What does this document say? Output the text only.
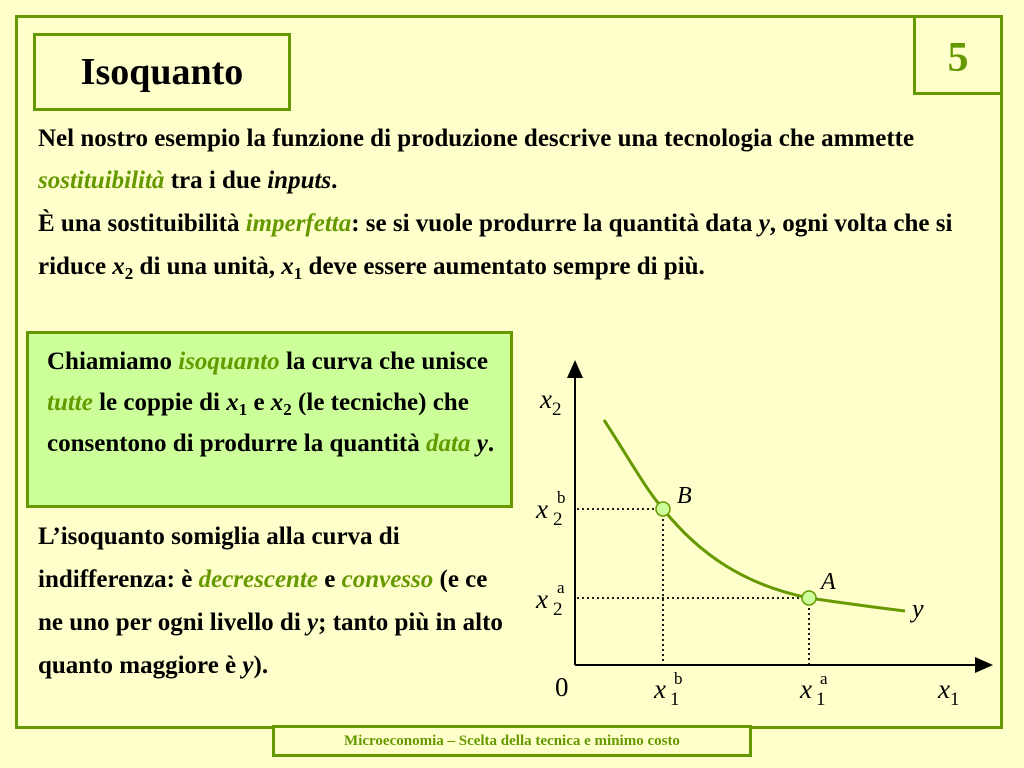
Isoquanto	5

Nel nostro esempio la funzione di produzione descrive una tecnologia che ammette sostituibilità tra i due inputs.

È una sostituibilità imperfetta: se si vuole produrre la quantità data y, ogni volta che si riduce $x_2$ di una unità, $x_1$ deve essere aumentato sempre di più.

Chiamiamo isoquanto la curva che unisce tutte le coppie di $x_1$ e $x_2$ (le tecniche) che consentono di produrre la quantità data y.

L’isoquanto somiglia alla curva di indifferenza: è decrescente e convesso (e ce ne uno per ogni livello di y; tanto più in alto quanto maggiore è y).

$x_2$
$x_1$
0
x 2
b
x 2
a
x 1
b	x 1
a
B
A
y
Microeconomia – Scelta della tecnica e minimo costo
